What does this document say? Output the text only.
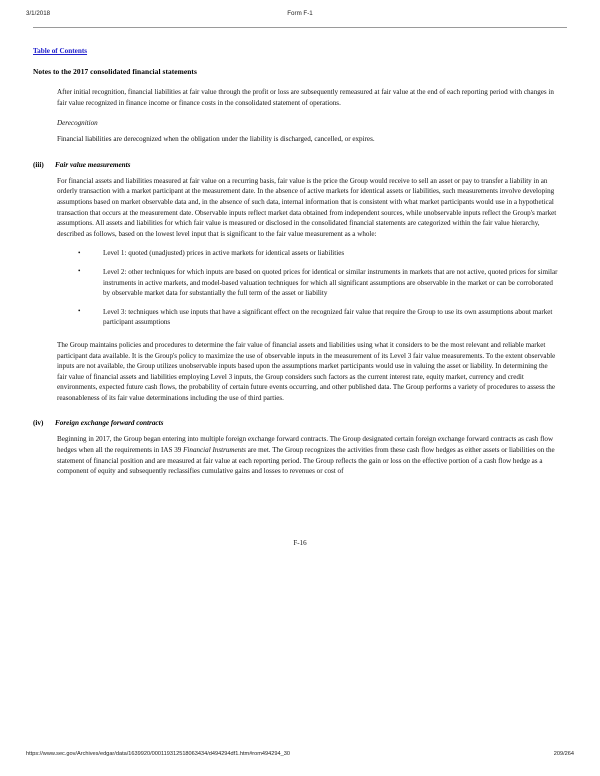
3/1/2018	Form F-1
Table of Contents
Notes to the 2017 consolidated financial statements

After initial recognition, financial liabilities at fair value through the profit or loss are subsequently remeasured at fair value at the end of each reporting period with changes in fair value recognized in finance income or finance costs in the consolidated statement of operations.

Derecognition

Financial liabilities are derecognized when the obligation under the liability is discharged, cancelled, or expires.

(iii) Fair value measurements

For financial assets and liabilities measured at fair value on a recurring basis, fair value is the price the Group would receive to sell an asset or pay to transfer a liability in an orderly transaction with a market participant at the measurement date. In the absence of active markets for identical assets or liabilities, such measurements involve developing assumptions based on market observable data and, in the absence of such data, internal information that is consistent with what market participants would use in a hypothetical transaction that occurs at the measurement date. Observable inputs reflect market data obtained from independent sources, while unobservable inputs reflect the Group's market assumptions. All assets and liabilities for which fair value is measured or disclosed in the consolidated financial statements are categorized within the fair value hierarchy, described as follows, based on the lowest level input that is significant to the fair value measurement as a whole:

•	Level 1: quoted (unadjusted) prices in active markets for identical assets or liabilities
•	Level 2: other techniques for which inputs are based on quoted prices for identical or similar instruments in markets that are not active, quoted prices for similar instruments in active markets, and model-based valuation techniques for which all significant assumptions are observable in the market or can be corroborated by observable market data for substantially the full term of the asset or liability
•	Level 3: techniques which use inputs that have a significant effect on the recognized fair value that require the Group to use its own assumptions about market participant assumptions

The Group maintains policies and procedures to determine the fair value of financial assets and liabilities using what it considers to be the most relevant and reliable market participant data available. It is the Group's policy to maximize the use of observable inputs in the measurement of its Level 3 fair value measurements. To the extent observable inputs are not available, the Group utilizes unobservable inputs based upon the assumptions market participants would use in valuing the asset or liability. In determining the fair value of financial assets and liabilities employing Level 3 inputs, the Group considers such factors as the current interest rate, equity market, currency and credit environments, expected future cash flows, the probability of certain future events occurring, and other published data. The Group performs a variety of procedures to assess the reasonableness of its fair value determinations including the use of third parties.

(iv) Foreign exchange forward contracts

Beginning in 2017, the Group began entering into multiple foreign exchange forward contracts. The Group designated certain foreign exchange forward contracts as cash flow hedges when all the requirements in IAS 39 Financial Instruments are met. The Group recognizes the activities from these cash flow hedges as either assets or liabilities on the statement of financial position and are measured at fair value at each reporting period. The Group reflects the gain or loss on the effective portion of a cash flow hedge as a component of equity and subsequently reclassifies cumulative gains and losses to revenues or cost of

F-16
https://www.sec.gov/Archives/edgar/data/1639920/000119312518063434/d494294df1.htm#rom494294_30	209/264
